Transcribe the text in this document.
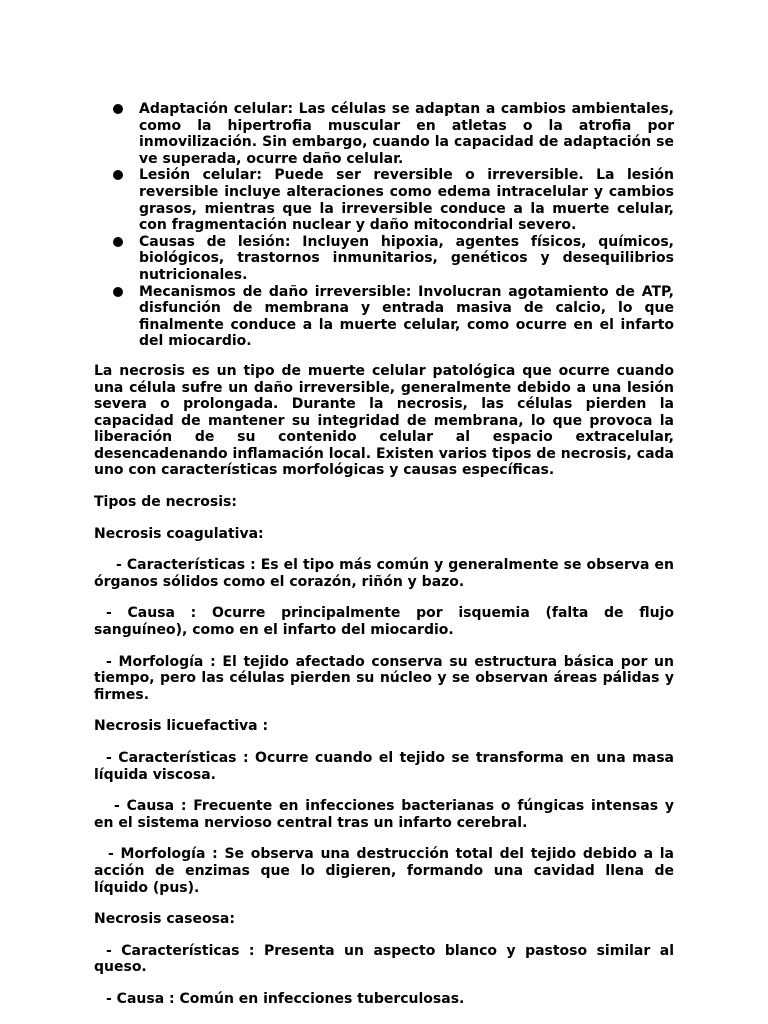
Adaptación celular: Las células se adaptan a cambios ambientales, como la hipertrofia muscular en atletas o la atrofia por inmovilización. Sin embargo, cuando la capacidad de adaptación se ve superada, ocurre daño celular.
Lesión celular: Puede ser reversible o irreversible. La lesión reversible incluye alteraciones como edema intracelular y cambios grasos, mientras que la irreversible conduce a la muerte celular, con fragmentación nuclear y daño mitocondrial severo.
Causas de lesión: Incluyen hipoxia, agentes físicos, químicos, biológicos, trastornos inmunitarios, genéticos y desequilibrios nutricionales.
Mecanismos de daño irreversible: Involucran agotamiento de ATP, disfunción de membrana y entrada masiva de calcio, lo que finalmente conduce a la muerte celular, como ocurre en el infarto del miocardio.

La necrosis es un tipo de muerte celular patológica que ocurre cuando una célula sufre un daño irreversible, generalmente debido a una lesión severa o prolongada. Durante la necrosis, las células pierden la capacidad de mantener su integridad de membrana, lo que provoca la liberación de su contenido celular al espacio extracelular, desencadenando inflamación local. Existen varios tipos de necrosis, cada uno con características morfológicas y causas específicas.

Tipos de necrosis:

Necrosis coagulativa:

- Características : Es el tipo más común y generalmente se observa en órganos sólidos como el corazón, riñón y bazo.

- Causa : Ocurre principalmente por isquemia (falta de flujo sanguíneo), como en el infarto del miocardio.

- Morfología : El tejido afectado conserva su estructura básica por un tiempo, pero las células pierden su núcleo y se observan áreas pálidas y firmes.

Necrosis licuefactiva :

- Características : Ocurre cuando el tejido se transforma en una masa líquida viscosa.

- Causa : Frecuente en infecciones bacterianas o fúngicas intensas y en el sistema nervioso central tras un infarto cerebral.

- Morfología : Se observa una destrucción total del tejido debido a la acción de enzimas que lo digieren, formando una cavidad llena de líquido (pus).

Necrosis caseosa:

- Características : Presenta un aspecto blanco y pastoso similar al queso.

- Causa : Común en infecciones tuberculosas.
